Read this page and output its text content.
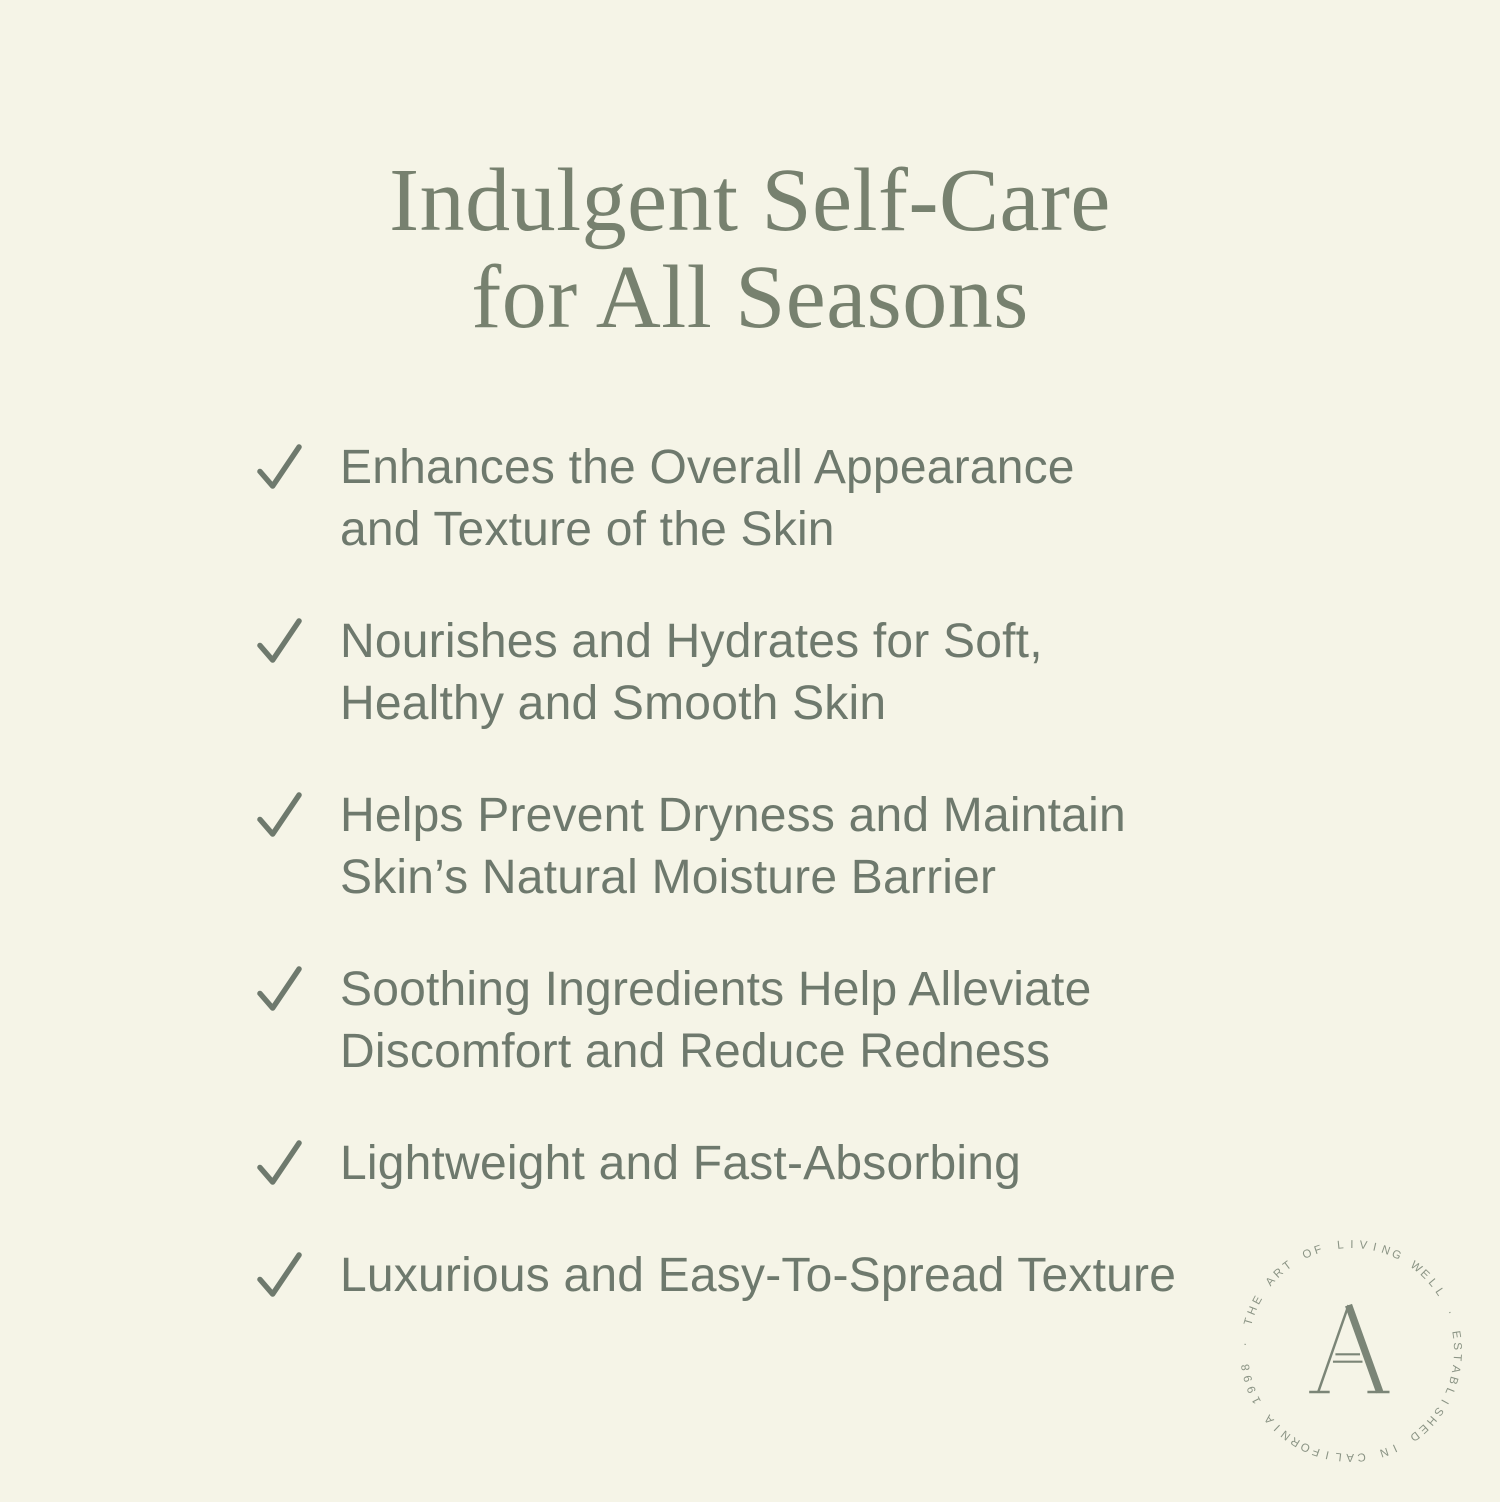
Indulgent Self-Care
for All Seasons
Enhances the Overall Appearance
and Texture of the Skin
Nourishes and Hydrates for Soft,
Healthy and Smooth Skin
Helps Prevent Dryness and Maintain
Skin’s Natural Moisture Barrier
Soothing Ingredients Help Alleviate
Discomfort and Reduce Redness
Lightweight and Fast-Absorbing
Luxurious and Easy-To-Spread Texture
T
H
E
A
R
T
O
F	L I V I N
G
W
E
L
L
·
E
S
T
A
B
L
I
S
H
E
D
I
N
C
A
L
I
F
O
R
N
I
A
1
9
9
8
·
